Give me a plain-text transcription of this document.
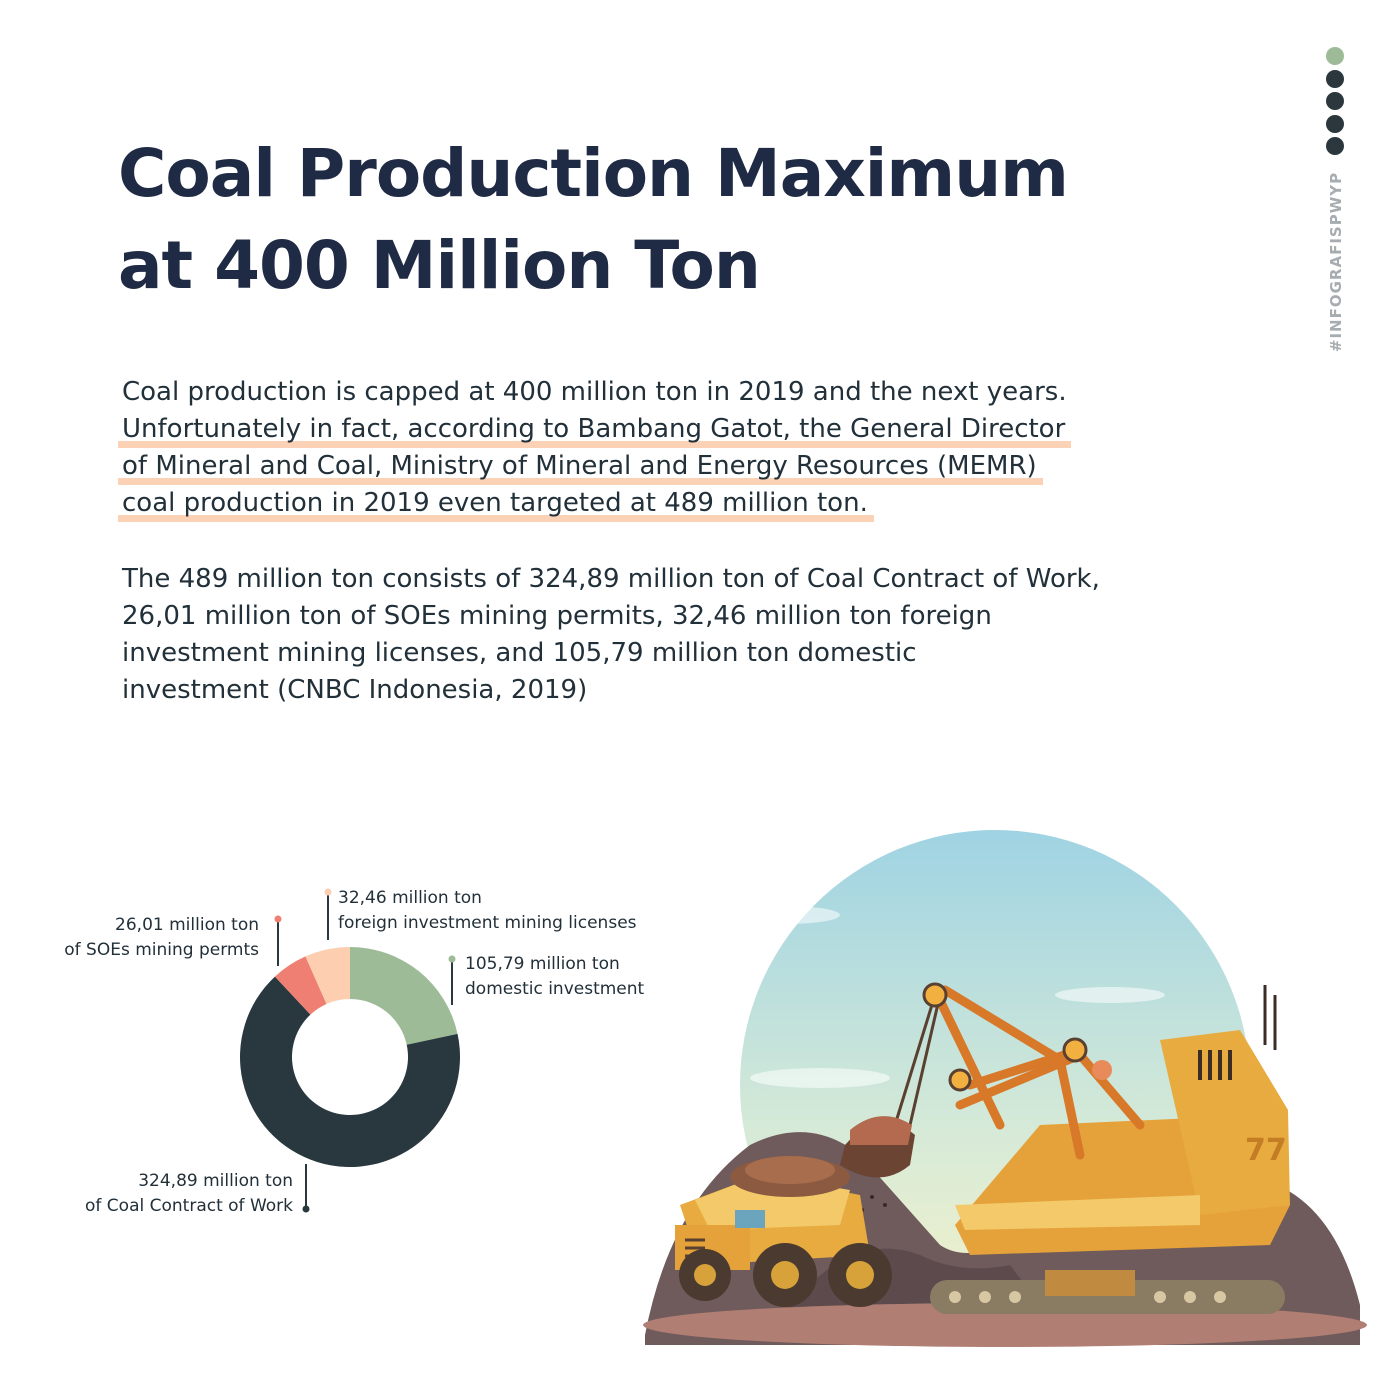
Coal Production Maximum
at 400 Million Ton	#INFOGRAFISPWYP
Coal production is capped at 400 million ton in 2019 and the next years.
Unfortunately in fact, according to Bambang Gatot, the General Director
of Mineral and Coal, Ministry of Mineral and Energy Resources (MEMR)
coal production in 2019 even targeted at 489 million ton.
The 489 million ton consists of 324,89 million ton of Coal Contract of Work,
26,01 million ton of SOEs mining permits, 32,46 million ton foreign
investment mining licenses, and 105,79 million ton domestic
investment (CNBC Indonesia, 2019)
105,79 million ton
domestic investment
324,89 million ton
of Coal Contract of Work
26,01 million ton
of SOEs mining permts
32,46 million ton
foreign investment mining licenses
77
